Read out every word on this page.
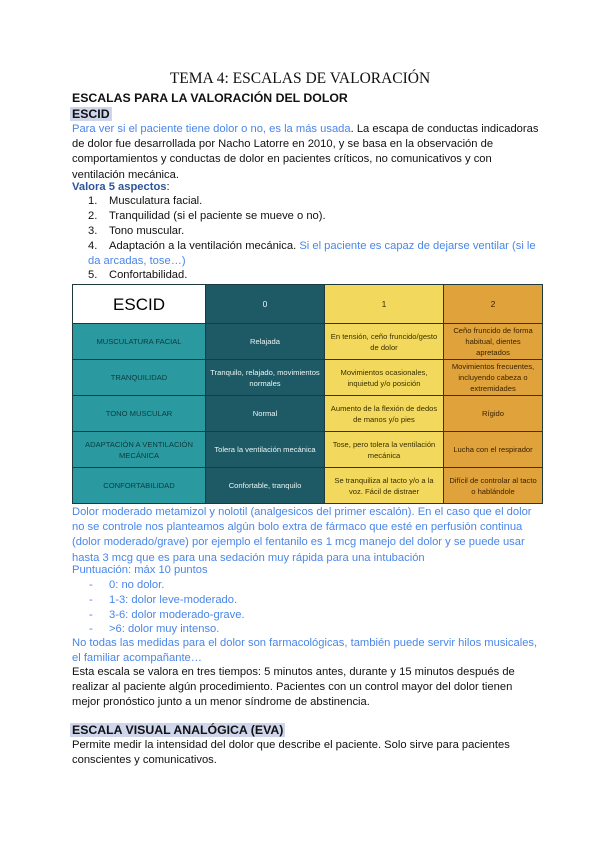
TEMA 4: ESCALAS DE VALORACIÓN
ESCALAS PARA LA VALORACIÓN DEL DOLOR
ESCID
Para ver si el paciente tiene dolor o no, es la más usada. La escapa de conductas indicadoras de dolor fue desarrollada por Nacho Latorre en 2010, y se basa en la observación de comportamientos y conductas de dolor en pacientes críticos, no comunicativos y con ventilación mecánica.
Valora 5 aspectos:
1. Musculatura facial.
2. Tranquilidad (si el paciente se mueve o no).
3. Tono muscular.
4. Adaptación a la ventilación mecánica. Si el paciente es capaz de dejarse ventilar (si le da arcadas, tose…)
5. Confortabilidad.
ESCID	0	1	2
MUSCULATURA FACIAL	Relajada	En tensión, ceño fruncido/gesto de dolor	Ceño fruncido de forma habitual, dientes apretados
TRANQUILIDAD	Tranquilo, relajado, movimientos normales	Movimientos ocasionales, inquietud y/o posición	Movimientos frecuentes, incluyendo cabeza o extremidades
TONO MUSCULAR	Normal	Aumento de la flexión de dedos de manos y/o pies	Rígido
ADAPTACIÓN A VENTILACIÓN MECÁNICA	Tolera la ventilación mecánica	Tose, pero tolera la ventilación mecánica	Lucha con el respirador
CONFORTABILIDAD	Confortable, tranquilo	Se tranquiliza al tacto y/o a la voz. Fácil de distraer	Difícil de controlar al tacto o hablándole
Dolor moderado metamizol y nolotil (analgesicos del primer escalón). En el caso que el dolor no se controle nos planteamos algún bolo extra de fármaco que esté en perfusión continua (dolor moderado/grave) por ejemplo el fentanilo es 1 mcg manejo del dolor y se puede usar hasta 3 mcg que es para una sedación muy rápida para una intubación
Puntuación: máx 10 puntos
- 0: no dolor.
- 1-3: dolor leve-moderado.
- 3-6: dolor moderado-grave.
- >6: dolor muy intenso.
No todas las medidas para el dolor son farmacológicas, también puede servir hilos musicales, el familiar acompañante…
Esta escala se valora en tres tiempos: 5 minutos antes, durante y 15 minutos después de realizar al paciente algún procedimiento. Pacientes con un control mayor del dolor tienen mejor pronóstico junto a un menor síndrome de abstinencia.
ESCALA VISUAL ANALÓGICA (EVA)
Permite medir la intensidad del dolor que describe el paciente. Solo sirve para pacientes conscientes y comunicativos.
